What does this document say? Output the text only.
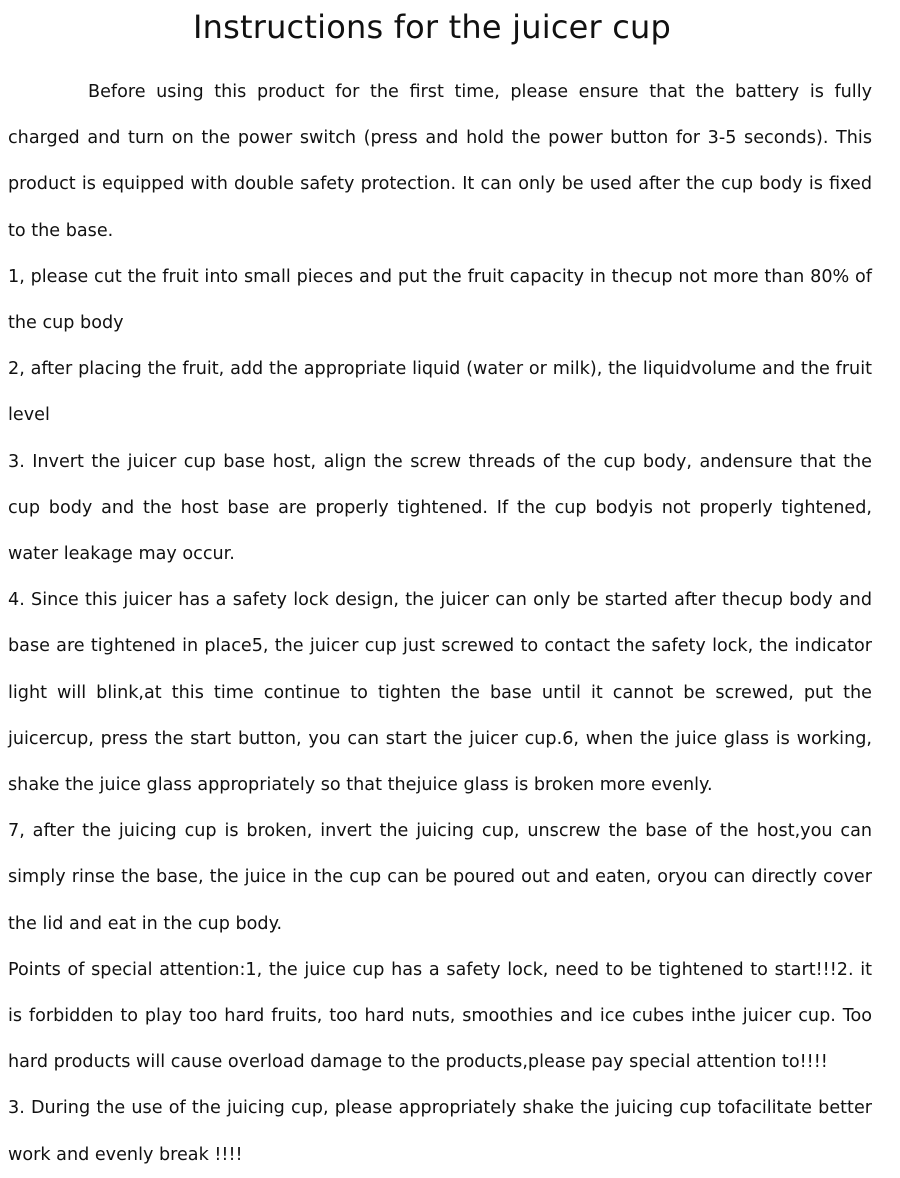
Instructions for the juicer cup

Before using this product for the first time, please ensure that the battery is fully charged and turn on the power switch (press and hold the power button for 3-5 seconds). This product is equipped with double safety protection. It can only be used after the cup body is fixed to the base.

1, please cut the fruit into small pieces and put the fruit capacity in thecup not more than 80% of the cup body

2, after placing the fruit, add the appropriate liquid (water or milk), the liquidvolume and the fruit level

3. Invert the juicer cup base host, align the screw threads of the cup body, andensure that the cup body and the host base are properly tightened. If the cup bodyis not properly tightened, water leakage may occur.

4. Since this juicer has a safety lock design, the juicer can only be started after thecup body and base are tightened in place5, the juicer cup just screwed to contact the safety lock, the indicator light will blink,at this time continue to tighten the base until it cannot be screwed, put the juicercup, press the start button, you can start the juicer cup.6, when the juice glass is working, shake the juice glass appropriately so that thejuice glass is broken more evenly.

7, after the juicing cup is broken, invert the juicing cup, unscrew the base of the host,you can simply rinse the base, the juice in the cup can be poured out and eaten, oryou can directly cover the lid and eat in the cup body.

Points of special attention:1, the juice cup has a safety lock, need to be tightened to start!!!2. it is forbidden to play too hard fruits, too hard nuts, smoothies and ice cubes inthe juicer cup. Too hard products will cause overload damage to the products,please pay special attention to!!!!

3. During the use of the juicing cup, please appropriately shake the juicing cup tofacilitate better work and evenly break !!!!
